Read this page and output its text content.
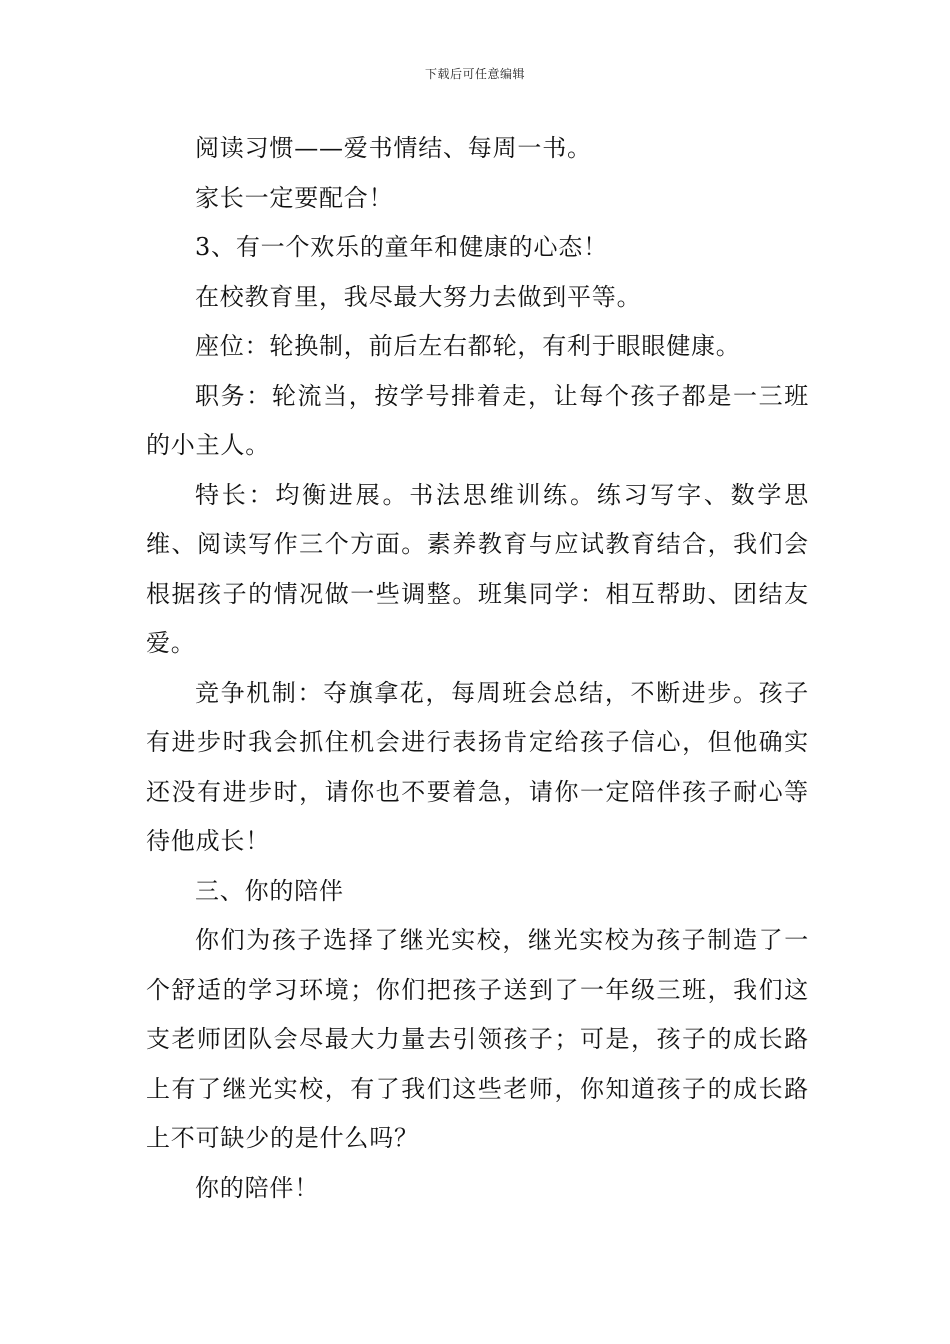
下载后可任意编辑

阅读习惯——爱书情结、每周一书。

家长一定要配合！

3、有一个欢乐的童年和健康的心态！

在校教育里，我尽最大努力去做到平等。

座位：轮换制，前后左右都轮，有利于眼眼健康。

职务：轮流当，按学号排着走，让每个孩子都是一三班的小主人。

特长：均衡进展。书法思维训练。练习写字、数学思维、阅读写作三个方面。素养教育与应试教育结合，我们会根据孩子的情况做一些调整。班集同学：相互帮助、团结友爱。

竞争机制：夺旗拿花，每周班会总结，不断进步。孩子有进步时我会抓住机会进行表扬肯定给孩子信心，但他确实还没有进步时，请你也不要着急，请你一定陪伴孩子耐心等待他成长！

三、你的陪伴

你们为孩子选择了继光实校，继光实校为孩子制造了一个舒适的学习环境；你们把孩子送到了一年级三班，我们这支老师团队会尽最大力量去引领孩子；可是，孩子的成长路上有了继光实校，有了我们这些老师，你知道孩子的成长路上不可缺少的是什么吗？

你的陪伴！
